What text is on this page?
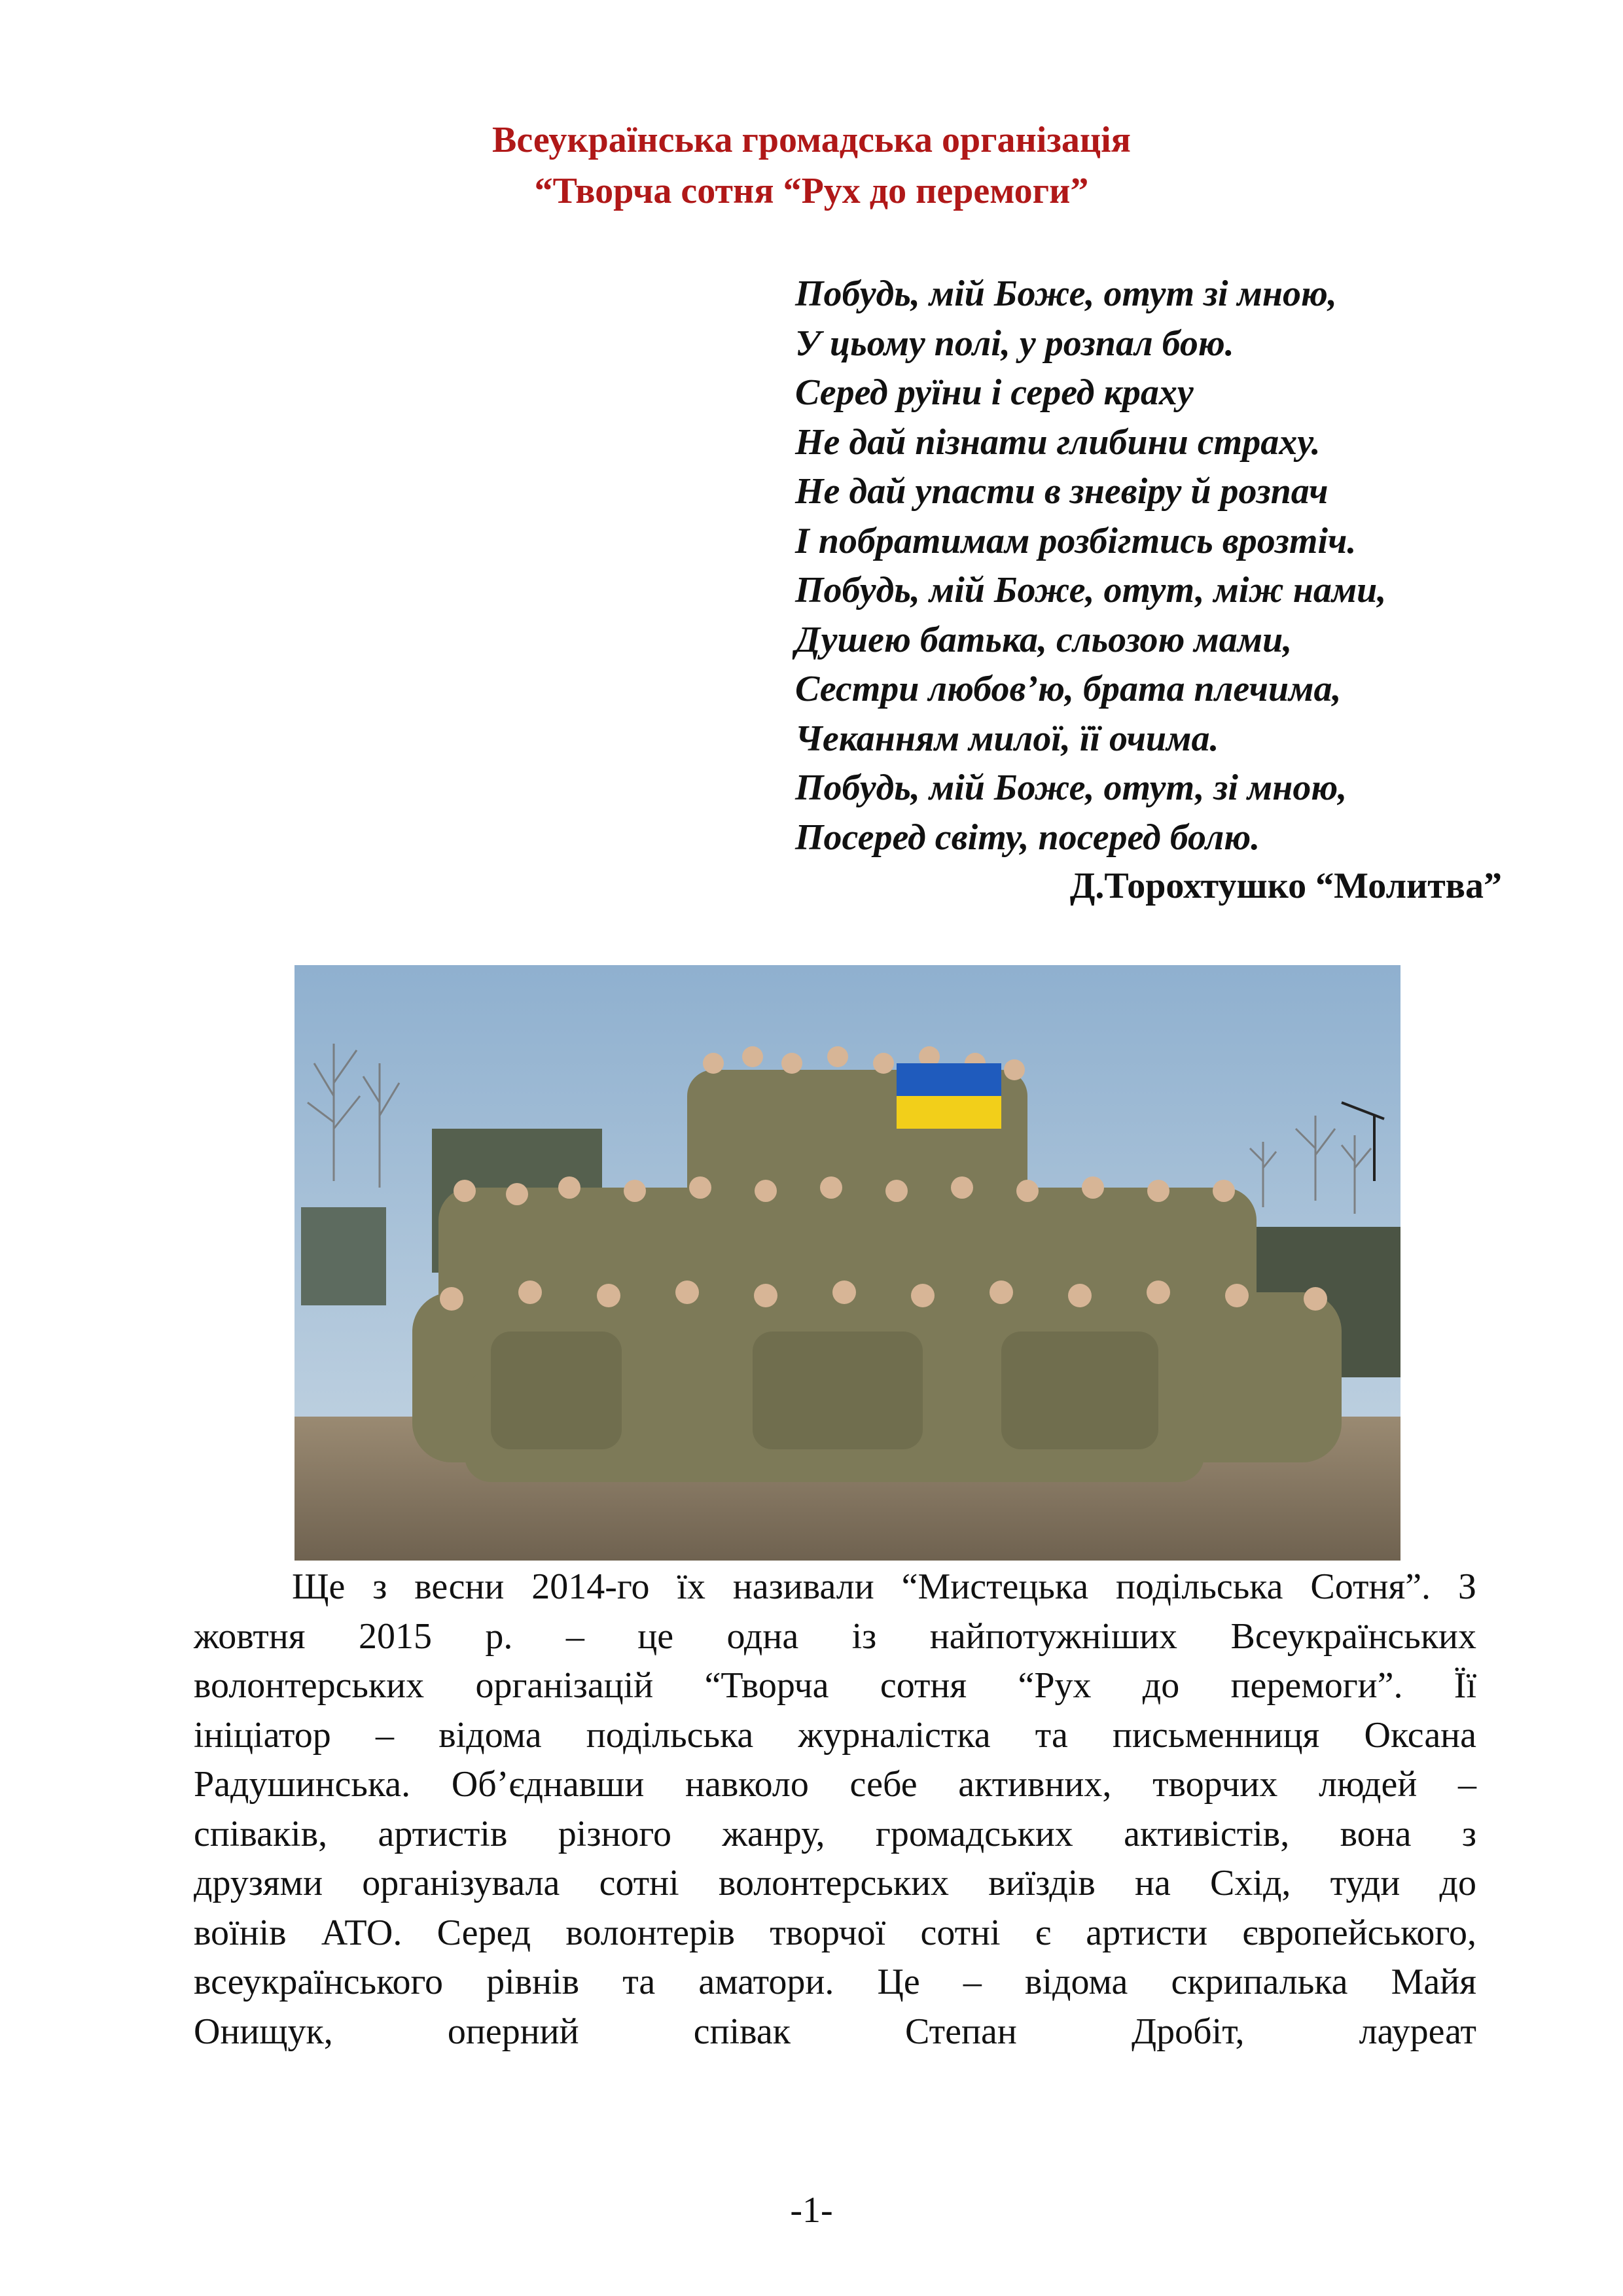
Всеукраїнська громадська організація
“Творча сотня “Рух до перемоги”
Побудь, мій Боже, отут зі мною,
У цьому полі, у розпал бою.
Серед руїни і серед краху
Не дай пізнати глибини страху.
Не дай упасти в зневіру й розпач
І побратимам розбігтись врозтіч.
Побудь, мій Боже, отут, між нами,
Душею батька, сльозою мами,
Сестри любов’ю, брата плечима,
Чеканням милої, її очима.
Побудь, мій Боже, отут, зі мною,
Посеред світу, посеред болю.
Д.Торохтушко “Молитва”
Ще з весни 2014-го їх називали “Мистецька подільська Сотня”. З
жовтня 2015 р. – це одна із найпотужніших Всеукраїнських
волонтерських організацій “Творча сотня “Рух до перемоги”. Її
ініціатор – відома подільська журналістка та письменниця Оксана
Радушинська. Об’єднавши навколо себе активних, творчих людей –
співаків, артистів різного жанру, громадських активістів, вона з
друзями організувала сотні волонтерських виїздів на Схід, туди до
воїнів АТО. Серед волонтерів творчої сотні є артисти європейського,
всеукраїнського рівнів та аматори. Це – відома скрипалька Майя
Онищук, оперний співак Степан Дробіт, лауреат
-1-
